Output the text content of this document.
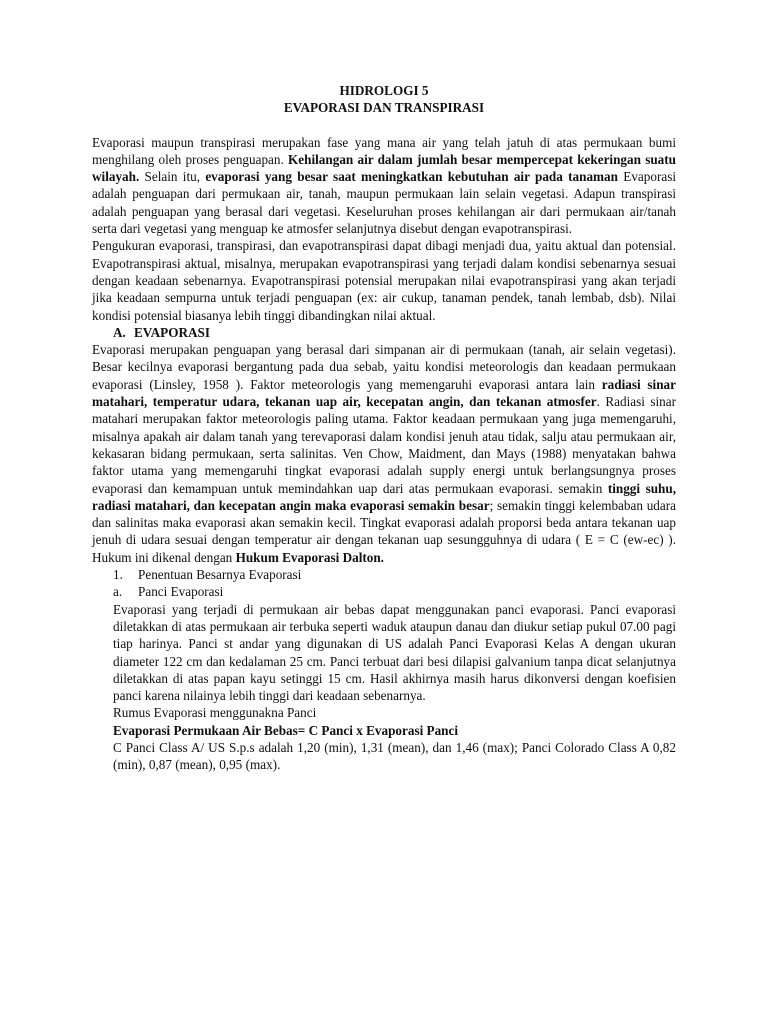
HIDROLOGI 5

EVAPORASI DAN TRANSPIRASI

Evaporasi maupun transpirasi merupakan fase yang mana air yang telah jatuh di atas permukaan bumi menghilang oleh proses penguapan. Kehilangan air dalam jumlah besar mempercepat kekeringan suatu wilayah. Selain itu, evaporasi yang besar saat meningkatkan kebutuhan air pada tanaman Evaporasi adalah penguapan dari permukaan air, tanah, maupun permukaan lain selain vegetasi. Adapun transpirasi adalah penguapan yang berasal dari vegetasi. Keseluruhan proses kehilangan air dari permukaan air/tanah serta dari vegetasi yang menguap ke atmosfer selanjutnya disebut dengan evapotranspirasi.

Pengukuran evaporasi, transpirasi, dan evapotranspirasi dapat dibagi menjadi dua, yaitu aktual dan potensial. Evapotranspirasi aktual, misalnya, merupakan evapotranspirasi yang terjadi dalam kondisi sebenarnya sesuai dengan keadaan sebenarnya. Evapotranspirasi potensial merupakan nilai evapotranspirasi yang akan terjadi jika keadaan sempurna untuk terjadi penguapan (ex: air cukup, tanaman pendek, tanah lembab, dsb). Nilai kondisi potensial biasanya lebih tinggi dibandingkan nilai aktual.

A. EVAPORASI

Evaporasi merupakan penguapan yang berasal dari simpanan air di permukaan (tanah, air selain vegetasi). Besar kecilnya evaporasi bergantung pada dua sebab, yaitu kondisi meteorologis dan keadaan permukaan evaporasi (Linsley, 1958 ). Faktor meteorologis yang memengaruhi evaporasi antara lain radiasi sinar matahari, temperatur udara, tekanan uap air, kecepatan angin, dan tekanan atmosfer. Radiasi sinar matahari merupakan faktor meteorologis paling utama. Faktor keadaan permukaan yang juga memengaruhi, misalnya apakah air dalam tanah yang terevaporasi dalam kondisi jenuh atau tidak, salju atau permukaan air, kekasaran bidang permukaan, serta salinitas. Ven Chow, Maidment, dan Mays (1988) menyatakan bahwa faktor utama yang memengaruhi tingkat evaporasi adalah supply energi untuk berlangsungnya proses evaporasi dan kemampuan untuk memindahkan uap dari atas permukaan evaporasi. semakin tinggi suhu, radiasi matahari, dan kecepatan angin maka evaporasi semakin besar; semakin tinggi kelembaban udara dan salinitas maka evaporasi akan semakin kecil. Tingkat evaporasi adalah proporsi beda antara tekanan uap jenuh di udara sesuai dengan temperatur air dengan tekanan uap sesungguhnya di udara ( E = C (ew-ec) ). Hukum ini dikenal dengan Hukum Evaporasi Dalton.

1. Penentuan Besarnya Evaporasi

a. Panci Evaporasi

Evaporasi yang terjadi di permukaan air bebas dapat menggunakan panci evaporasi. Panci evaporasi diletakkan di atas permukaan air terbuka seperti waduk ataupun danau dan diukur setiap pukul 07.00 pagi tiap harinya. Panci st andar yang digunakan di US adalah Panci Evaporasi Kelas A dengan ukuran diameter 122 cm dan kedalaman 25 cm. Panci terbuat dari besi dilapisi galvanium tanpa dicat selanjutnya diletakkan di atas papan kayu setinggi 15 cm. Hasil akhirnya masih harus dikonversi dengan koefisien panci karena nilainya lebih tinggi dari keadaan sebenarnya.

Rumus Evaporasi menggunakna Panci

Evaporasi Permukaan Air Bebas= C Panci x Evaporasi Panci

C Panci Class A/ US S.p.s adalah 1,20 (min), 1,31 (mean), dan 1,46 (max); Panci Colorado Class A 0,82 (min), 0,87 (mean), 0,95 (max).
